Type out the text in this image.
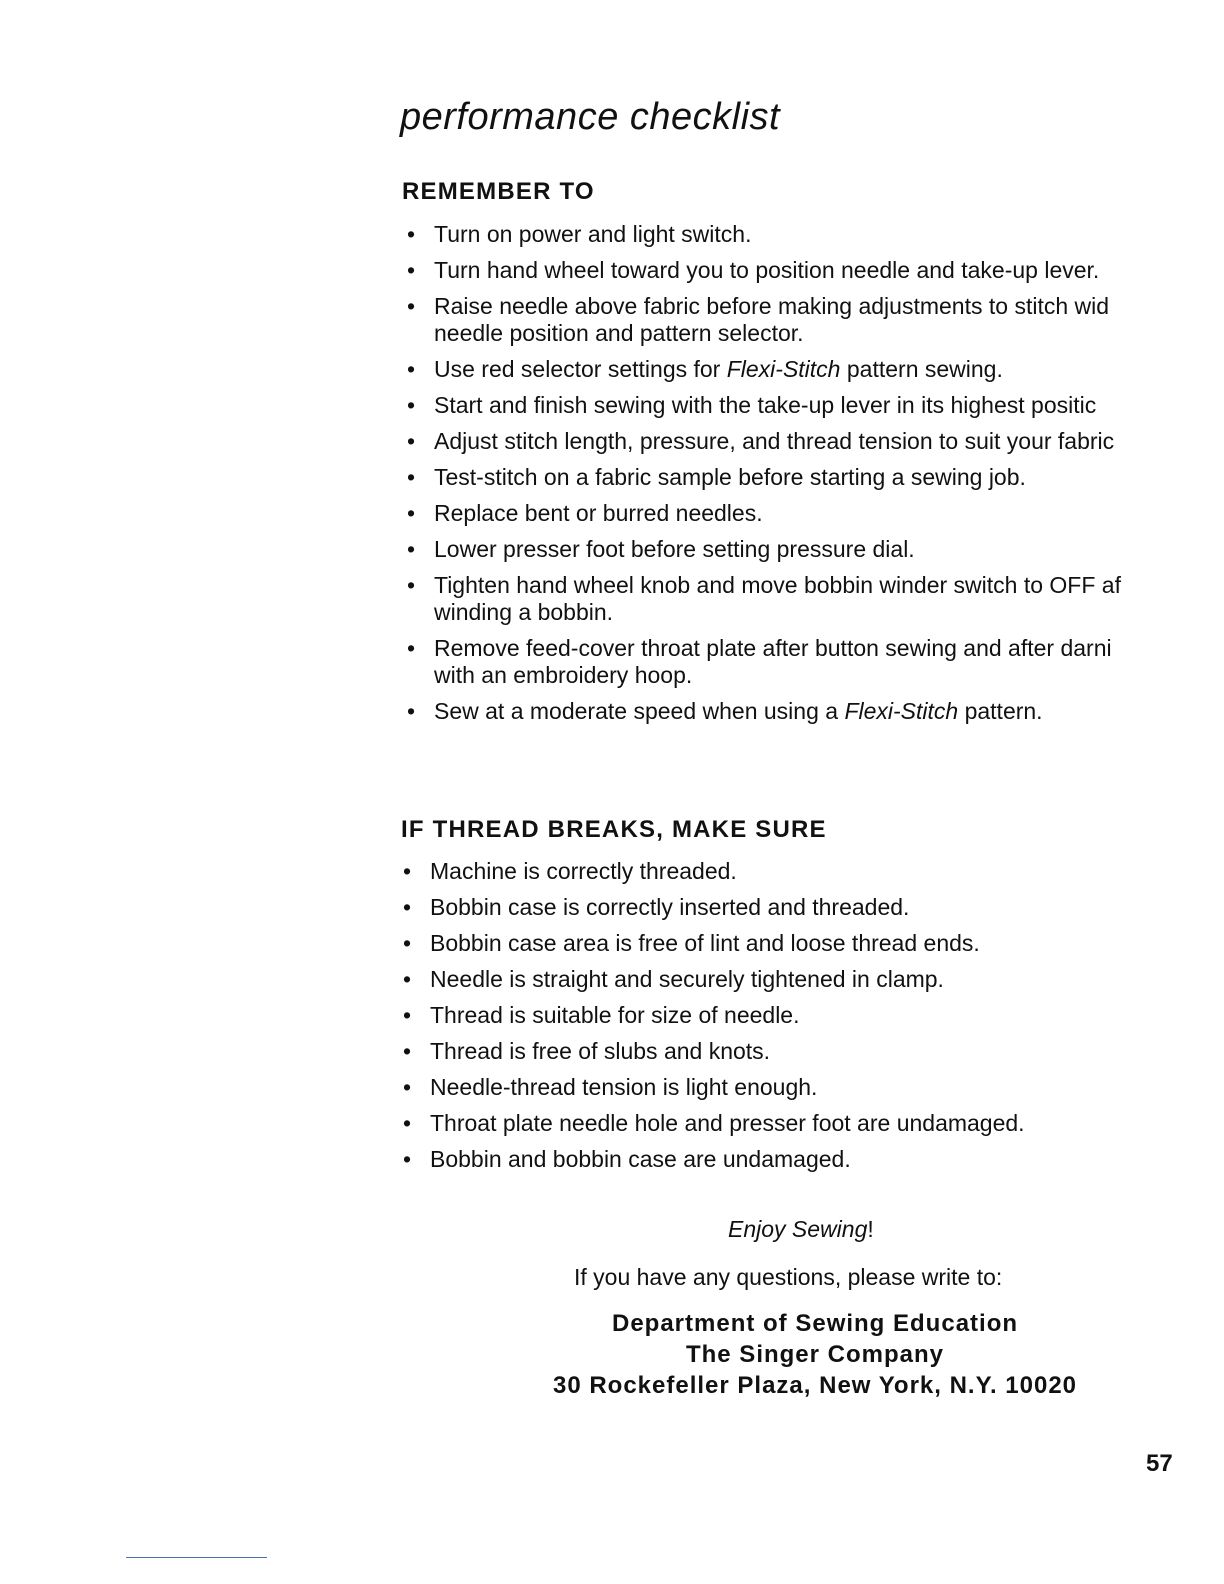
performance checklist
REMEMBER TO
• Turn on power and light switch.
• Turn hand wheel toward you to position needle and take-up lever.
• Raise needle above fabric before making adjustments to stitch wid
needle position and pattern selector.
• Use red selector settings for Flexi-Stitch pattern sewing.
• Start and finish sewing with the take-up lever in its highest positic
• Adjust stitch length, pressure, and thread tension to suit your fabric
• Test-stitch on a fabric sample before starting a sewing job.
• Replace bent or burred needles.
• Lower presser foot before setting pressure dial.
• Tighten hand wheel knob and move bobbin winder switch to OFF af
winding a bobbin.
• Remove feed-cover throat plate after button sewing and after darni
with an embroidery hoop.
• Sew at a moderate speed when using a Flexi-Stitch pattern.
IF THREAD BREAKS, MAKE SURE
• Machine is correctly threaded.
• Bobbin case is correctly inserted and threaded.
• Bobbin case area is free of lint and loose thread ends.
• Needle is straight and securely tightened in clamp.
• Thread is suitable for size of needle.
• Thread is free of slubs and knots.
• Needle-thread tension is light enough.
• Throat plate needle hole and presser foot are undamaged.
• Bobbin and bobbin case are undamaged.

Enjoy Sewing!

If you have any questions, please write to:

Department of Sewing Education
The Singer Company
30 Rockefeller Plaza, New York, N.Y. 10020
57
